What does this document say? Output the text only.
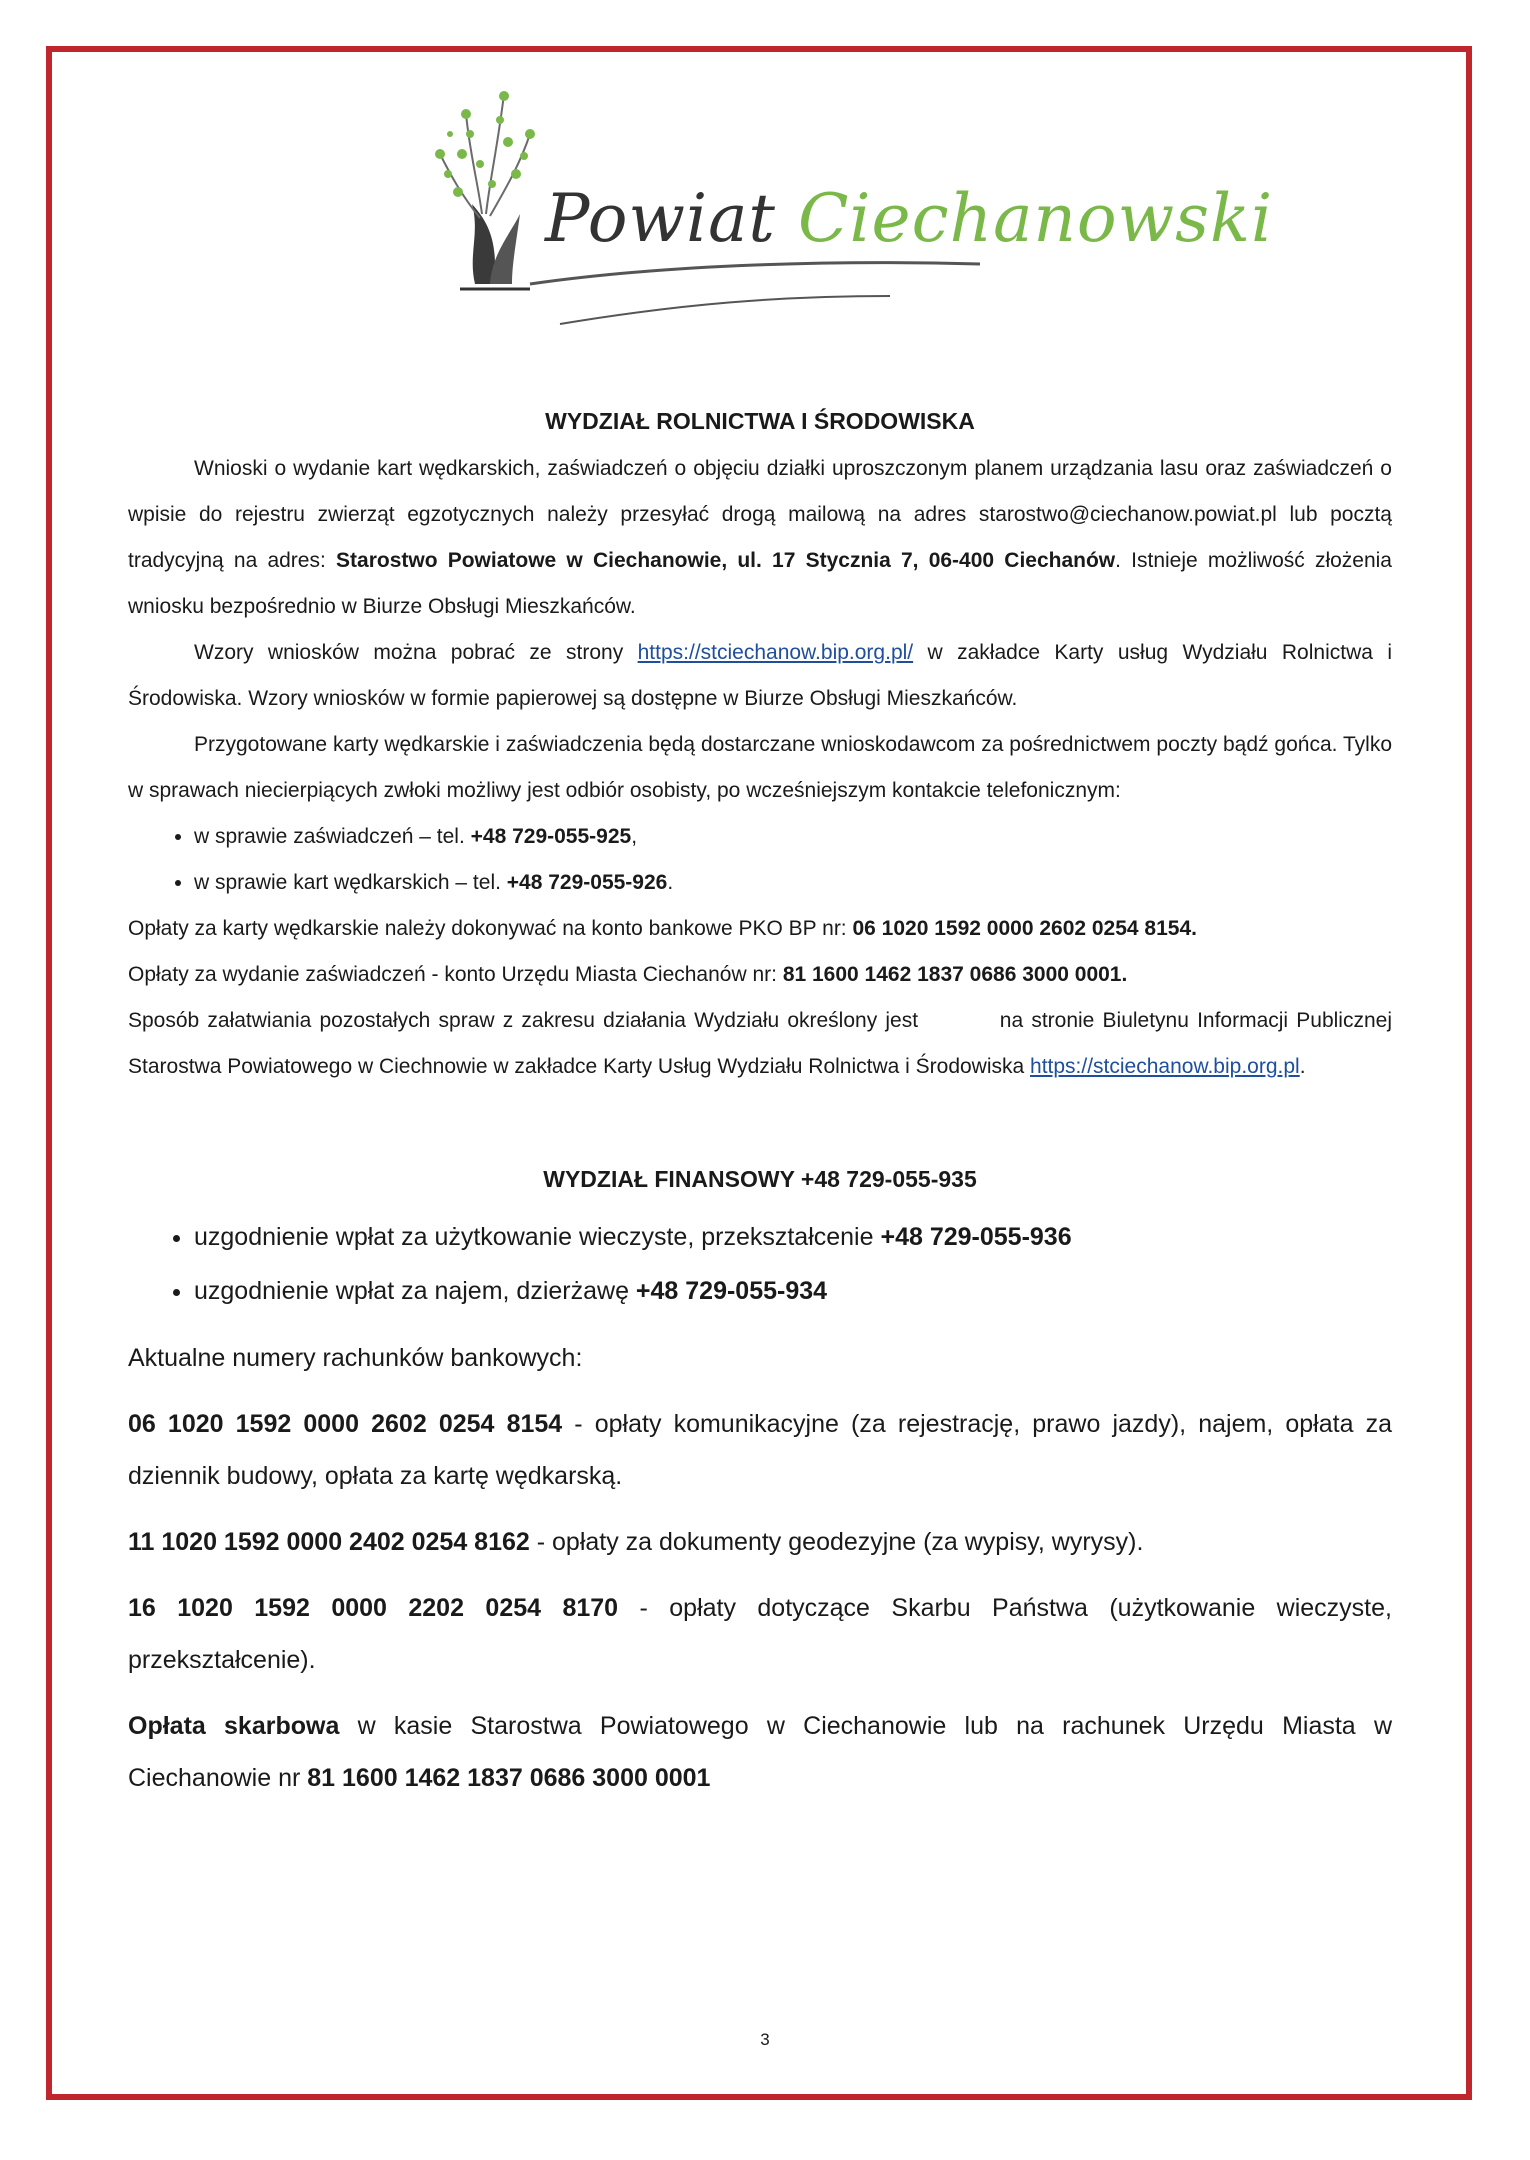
Powiat Ciechanowski
WYDZIAŁ ROLNICTWA I ŚRODOWISKA

Wnioski o wydanie kart wędkarskich, zaświadczeń o objęciu działki uproszczonym planem urządzania lasu oraz zaświadczeń o wpisie do rejestru zwierząt egzotycznych należy przesyłać drogą mailową na adres starostwo@ciechanow.powiat.pl lub pocztą tradycyjną na adres: Starostwo Powiatowe w Ciechanowie, ul. 17 Stycznia 7, 06-400 Ciechanów. Istnieje możliwość złożenia wniosku bezpośrednio w Biurze Obsługi Mieszkańców.

Wzory wniosków można pobrać ze strony https://stciechanow.bip.org.pl/ w zakładce Karty usług Wydziału Rolnictwa i Środowiska. Wzory wniosków w formie papierowej są dostępne w Biurze Obsługi Mieszkańców.

Przygotowane karty wędkarskie i zaświadczenia będą dostarczane wnioskodawcom za pośrednictwem poczty bądź gońca. Tylko w sprawach niecierpiących zwłoki możliwy jest odbiór osobisty, po wcześniejszym kontakcie telefonicznym:

• w sprawie zaświadczeń – tel. +48 729-055-925,
• w sprawie kart wędkarskich – tel. +48 729-055-926.

Opłaty za karty wędkarskie należy dokonywać na konto bankowe PKO BP nr: 06 1020 1592 0000 2602 0254 8154.

Opłaty za wydanie zaświadczeń - konto Urzędu Miasta Ciechanów nr: 81 1600 1462 1837 0686 3000 0001.

Sposób załatwiania pozostałych spraw z zakresu działania Wydziału określony jest          na stronie Biuletynu Informacji Publicznej Starostwa Powiatowego w Ciechnowie w zakładce Karty Usług Wydziału Rolnictwa i Środowiska https://stciechanow.bip.org.pl.

WYDZIAŁ FINANSOWY +48 729-055-935
• uzgodnienie wpłat za użytkowanie wieczyste, przekształcenie +48 729-055-936
• uzgodnienie wpłat za najem, dzierżawę +48 729-055-934

Aktualne numery rachunków bankowych:

06 1020 1592 0000 2602 0254 8154 - opłaty komunikacyjne (za rejestrację, prawo jazdy), najem, opłata za dziennik budowy, opłata za kartę wędkarską.

11 1020 1592 0000 2402 0254 8162 - opłaty za dokumenty geodezyjne (za wypisy, wyrysy).

16 1020 1592 0000 2202 0254 8170 - opłaty dotyczące Skarbu Państwa (użytkowanie wieczyste, przekształcenie).

Opłata skarbowa w kasie Starostwa Powiatowego w Ciechanowie lub na rachunek Urzędu Miasta w Ciechanowie nr 81 1600 1462 1837 0686 3000 0001

3
